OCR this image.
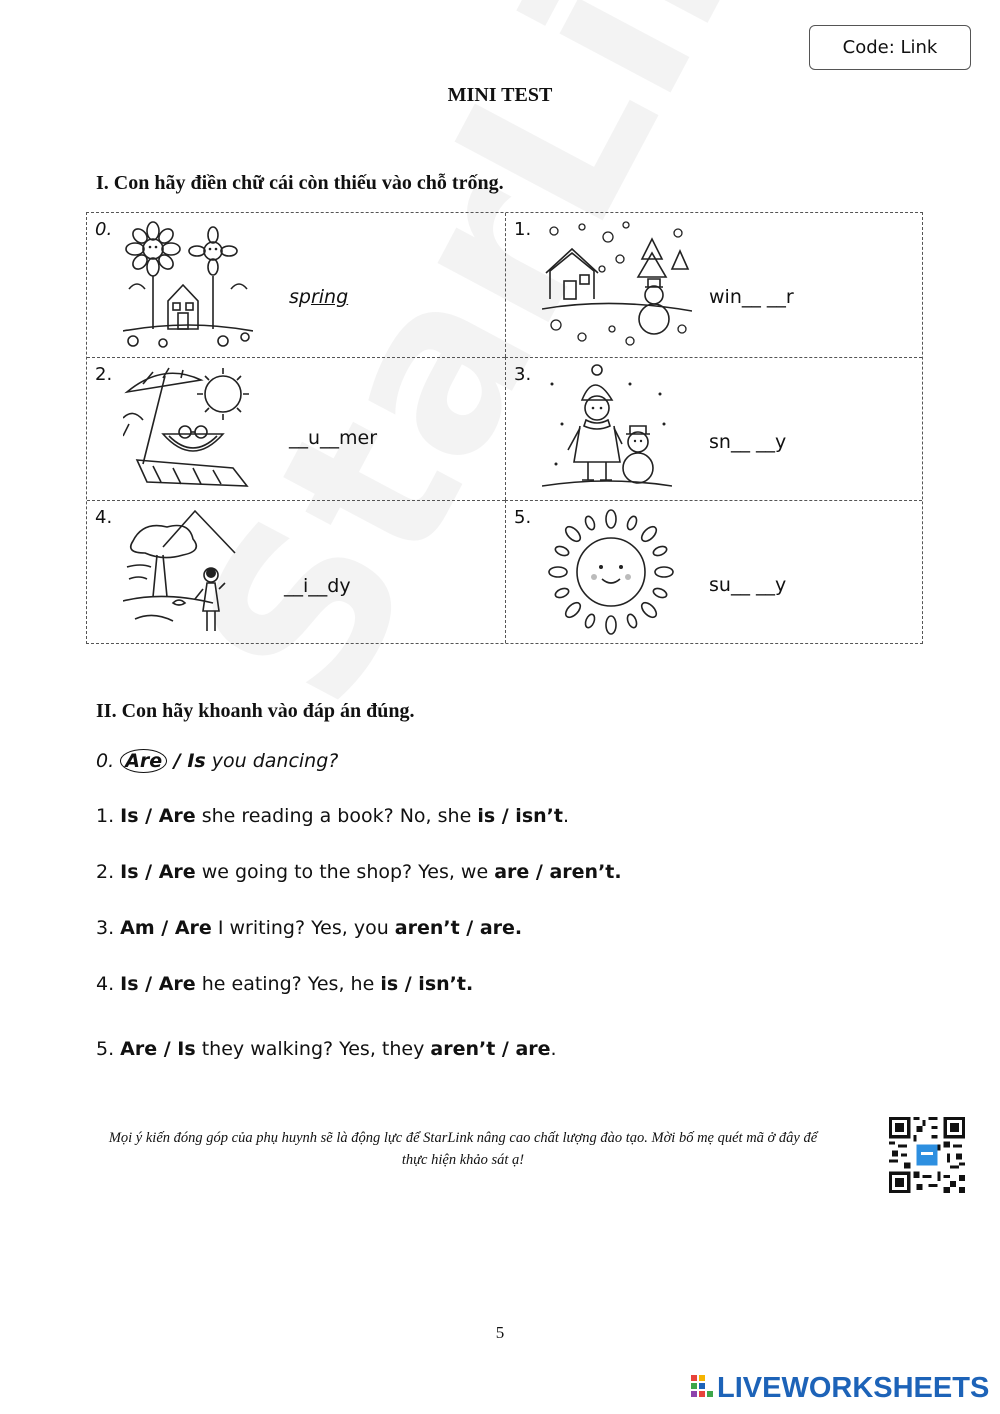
Code: Link
MINI TEST
I. Con hãy điền chữ cái còn thiếu vào chỗ trống.
0.
spring
1.
win__ __r
2.
__u__mer
3.
sn__ __y
4.
__i__dy
5.
su__ __y
II. Con hãy khoanh vào đáp án đúng.
0. Are / Is you dancing?
1. Is / Are she reading a book? No, she is / isn’t.
2. Is / Are we going to the shop? Yes, we are / aren’t.
3. Am / Are I writing? Yes, you aren’t / are.
4. Is / Are he eating? Yes, he is / isn’t.
5. Are / Is they walking? Yes, they aren’t / are.
Mọi ý kiến đóng góp của phụ huynh sẽ là động lực để StarLink nâng cao chất lượng đào tạo. Mời bố mẹ quét mã ở đây để
thực hiện khảo sát ạ!
5
LIVEWORKSHEETS
